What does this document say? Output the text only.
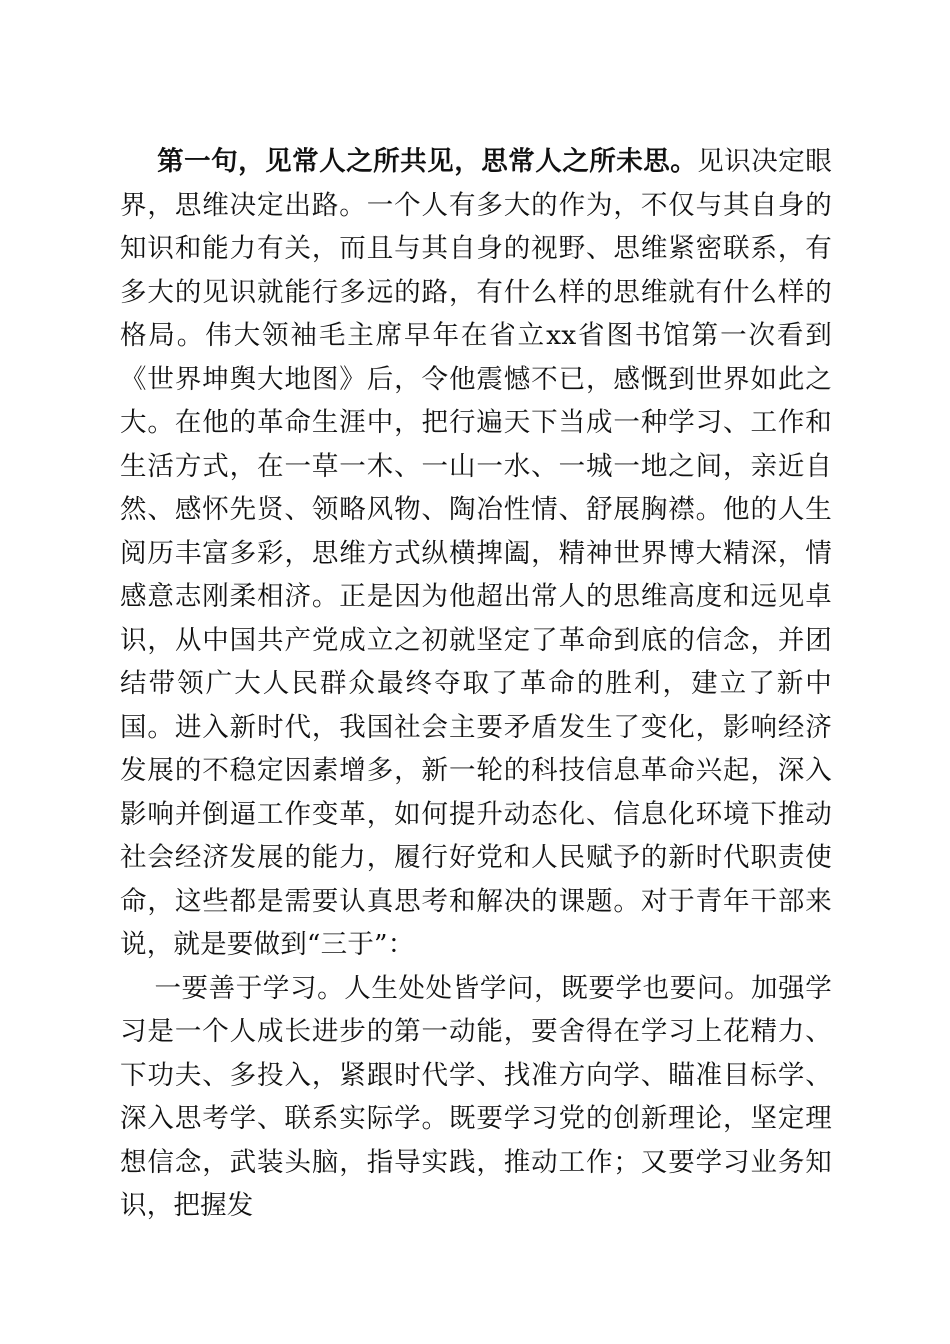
第一句，见常人之所共见，思常人之所未思。见识决定眼界，思维决定出路。一个人有多大的作为，不仅与其自身的知识和能力有关，而且与其自身的视野、思维紧密联系，有多大的见识就能行多远的路，有什么样的思维就有什么样的格局。伟大领袖毛主席早年在省立xx省图书馆第一次看到《世界坤舆大地图》后，令他震憾不已，感慨到世界如此之大。在他的革命生涯中，把行遍天下当成一种学习、工作和生活方式，在一草一木、一山一水、一城一地之间，亲近自然、感怀先贤、领略风物、陶冶性情、舒展胸襟。他的人生阅历丰富多彩，思维方式纵横捭阖，精神世界博大精深，情感意志刚柔相济。正是因为他超出常人的思维高度和远见卓识，从中国共产党成立之初就坚定了革命到底的信念，并团结带领广大人民群众最终夺取了革命的胜利，建立了新中国。进入新时代，我国社会主要矛盾发生了变化，影响经济发展的不稳定因素增多，新一轮的科技信息革命兴起，深入影响并倒逼工作变革，如何提升动态化、信息化环境下推动社会经济发展的能力，履行好党和人民赋予的新时代职责使命，这些都是需要认真思考和解决的课题。对于青年干部来说，就是要做到“三于”：

一要善于学习。人生处处皆学问，既要学也要问。加强学习是一个人成长进步的第一动能，要舍得在学习上花精力、下功夫、多投入，紧跟时代学、找准方向学、瞄准目标学、深入思考学、联系实际学。既要学习党的创新理论，坚定理想信念，武装头脑，指导实践，推动工作；又要学习业务知识，把握发
